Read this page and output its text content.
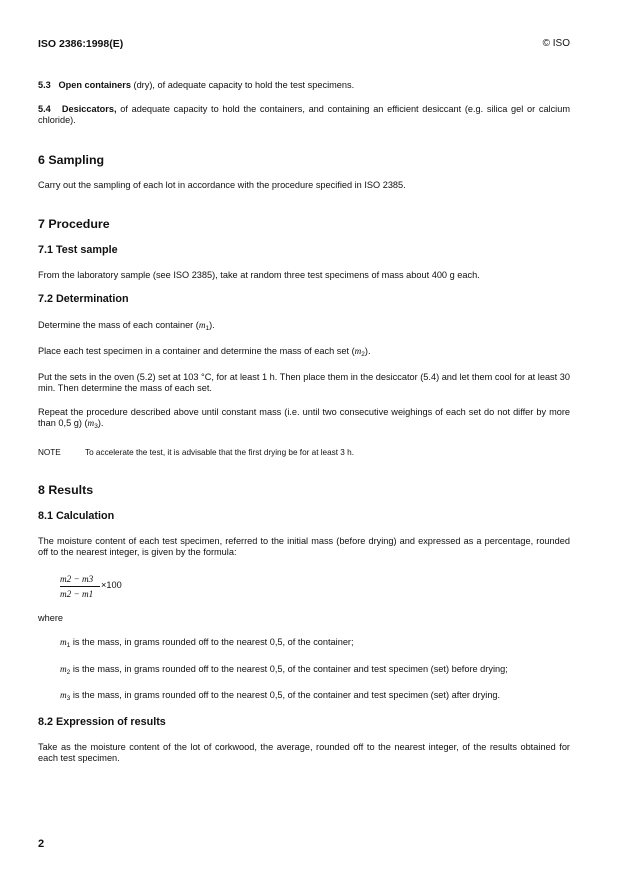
ISO 2386:1998(E)	© ISO
5.3 Open containers (dry), of adequate capacity to hold the test specimens.
5.4 Desiccators, of adequate capacity to hold the containers, and containing an efficient desiccant (e.g. silica gel or calcium chloride).
6 Sampling
Carry out the sampling of each lot in accordance with the procedure specified in ISO 2385.
7 Procedure
7.1 Test sample
From the laboratory sample (see ISO 2385), take at random three test specimens of mass about 400 g each.
7.2 Determination
Determine the mass of each container $(m_1)$.
Place each test specimen in a container and determine the mass of each set $(m_2)$.
Put the sets in the oven (5.2) set at 103 °C, for at least 1 h. Then place them in the desiccator (5.4) and let them cool for at least 30 min. Then determine the mass of each set.
Repeat the procedure described above until constant mass (i.e. until two consecutive weighings of each set do not differ by more than 0,5 g) $(m_3)$.
NOTE	To accelerate the test, it is advisable that the first drying be for at least 3 h.
8 Results
8.1 Calculation
The moisture content of each test specimen, referred to the initial mass (before drying) and expressed as a percentage, rounded off to the nearest integer, is given by the formula:
m2 − m3
m2 − m1
×100
where
$m_1$ is the mass, in grams rounded off to the nearest 0,5, of the container;
$m_2$ is the mass, in grams rounded off to the nearest 0,5, of the container and test specimen (set) before drying;
$m_3$ is the mass, in grams rounded off to the nearest 0,5, of the container and test specimen (set) after drying.
8.2 Expression of results
Take as the moisture content of the lot of corkwood, the average, rounded off to the nearest integer, of the results obtained for each test specimen.
2
